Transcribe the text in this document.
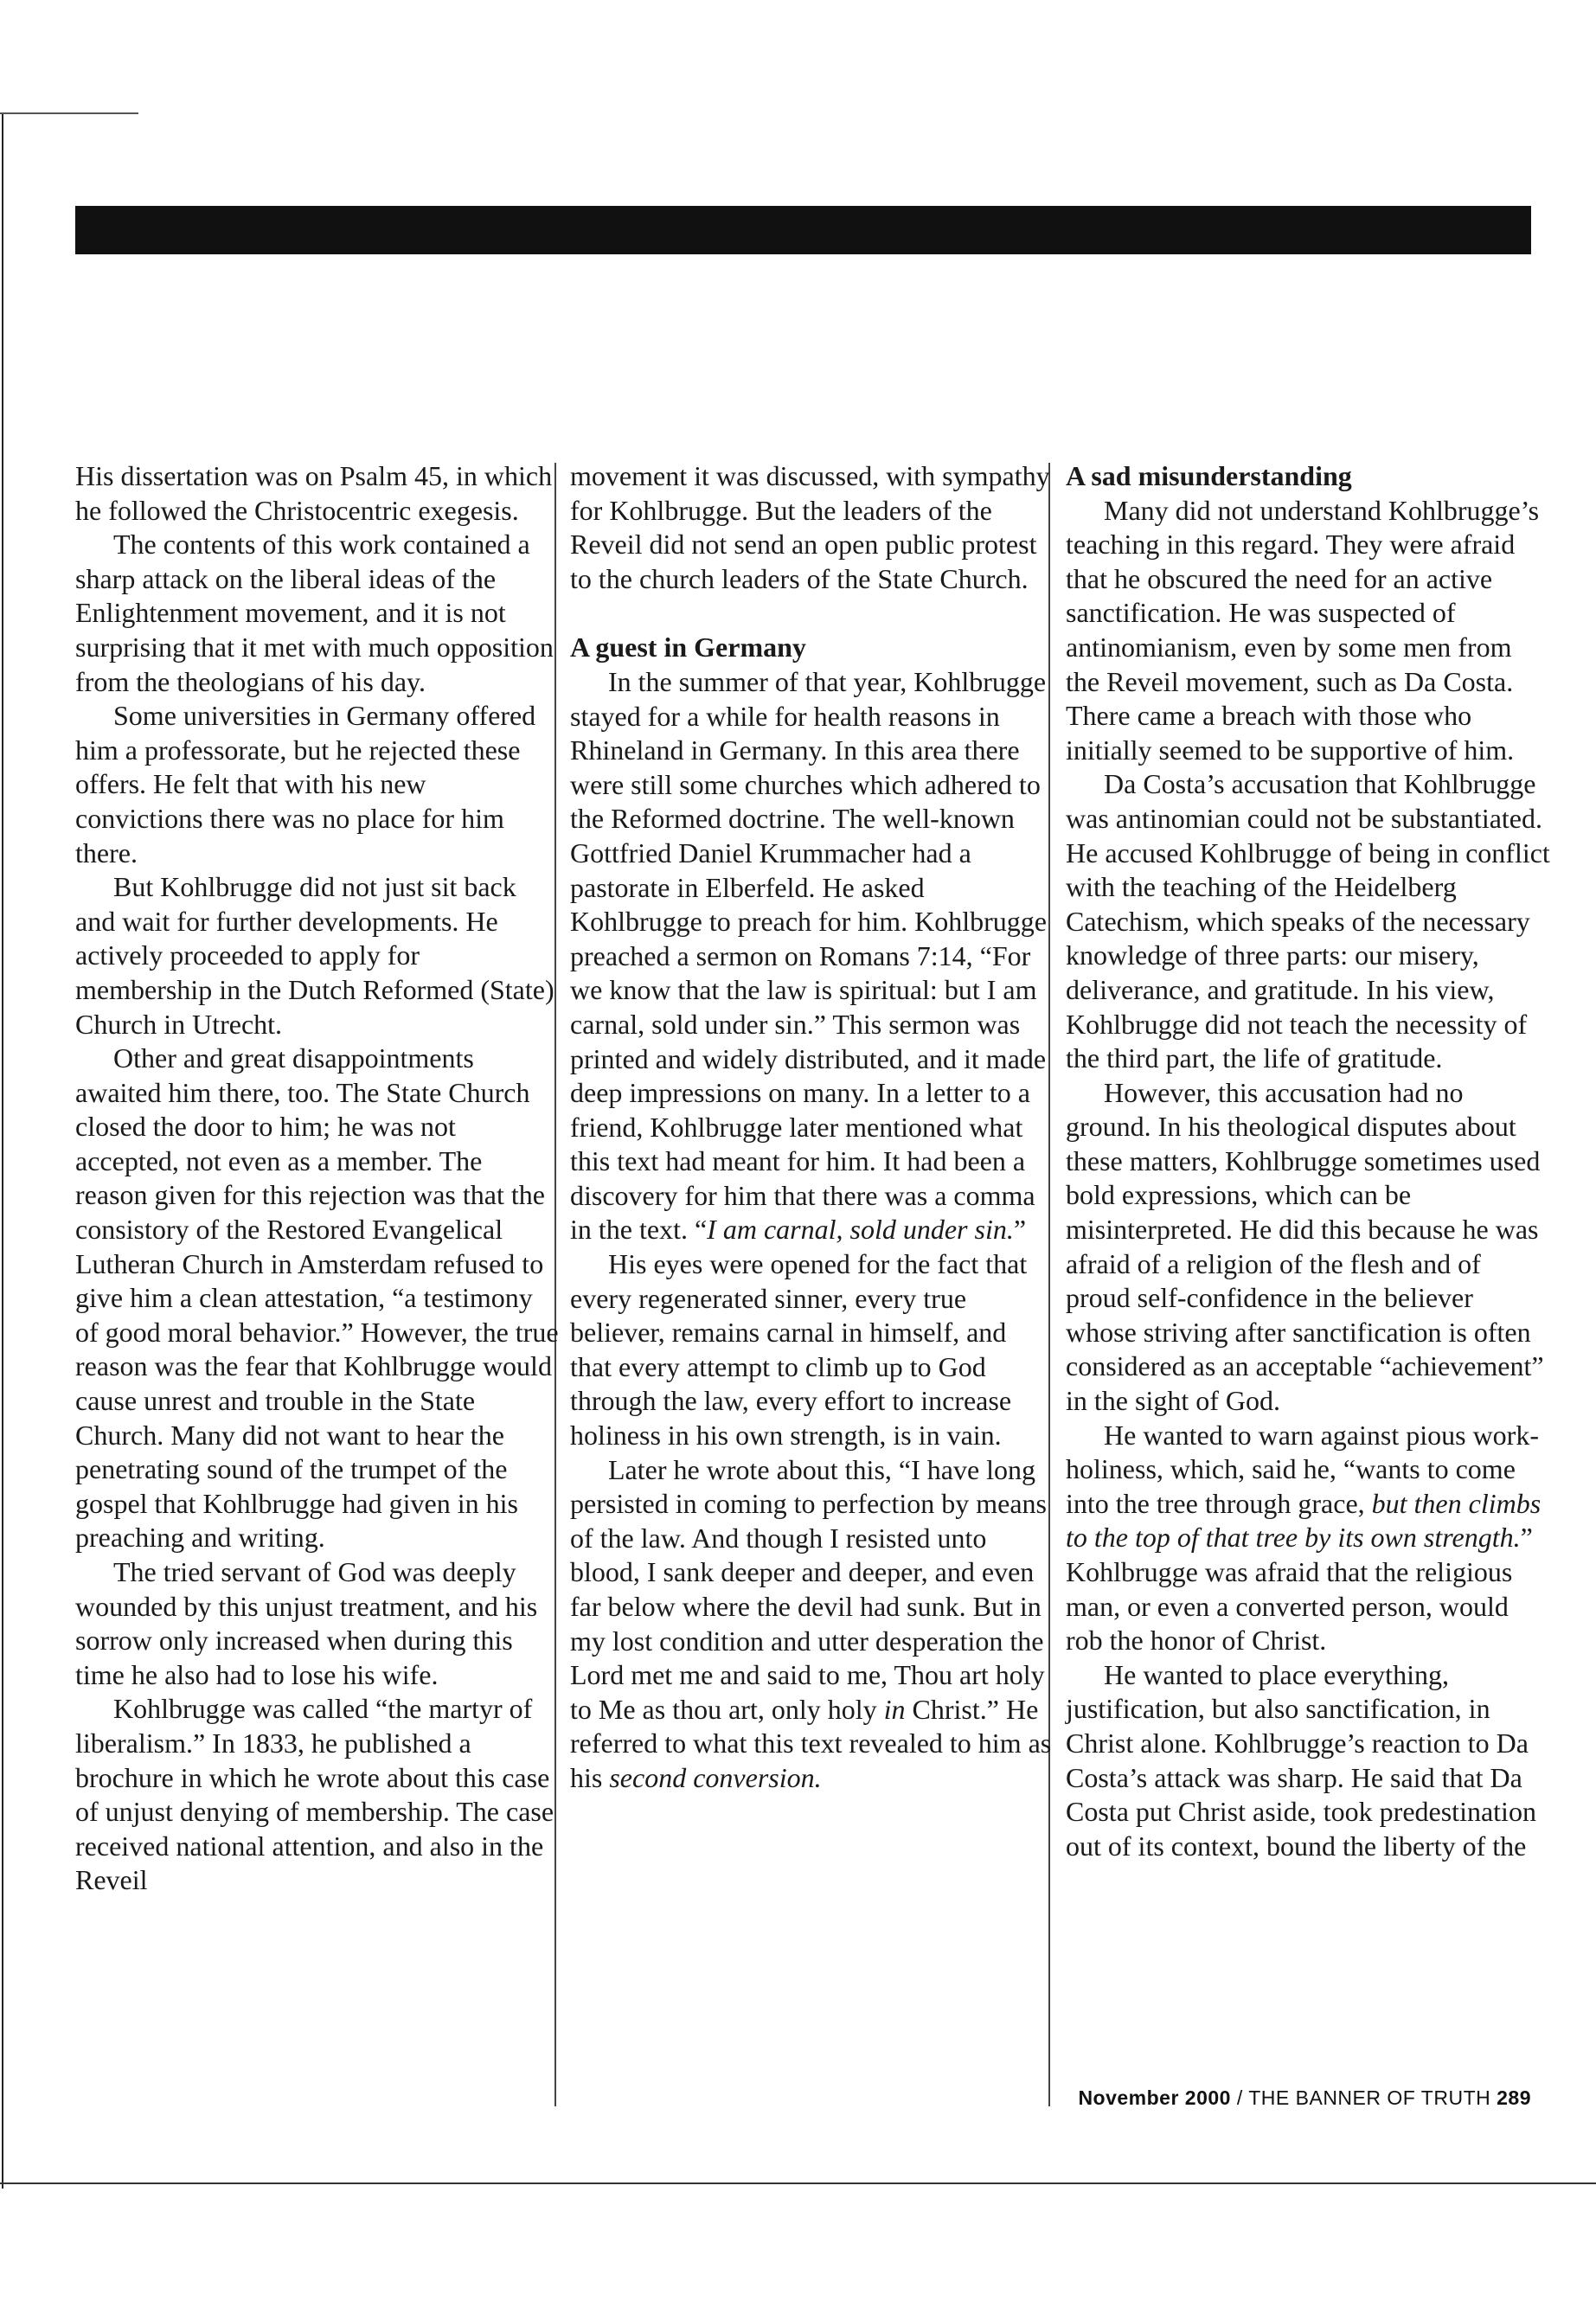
His dissertation was on Psalm 45, in which he followed the Christocentric exegesis.

The contents of this work contained a sharp attack on the liberal ideas of the Enlightenment movement, and it is not surprising that it met with much opposition from the theologians of his day.

Some universities in Germany offered him a professorate, but he rejected these offers. He felt that with his new convictions there was no place for him there.

But Kohlbrugge did not just sit back and wait for further developments. He actively proceeded to apply for membership in the Dutch Reformed (State) Church in Utrecht.

Other and great disappointments awaited him there, too. The State Church closed the door to him; he was not accepted, not even as a member. The reason given for this rejection was that the consistory of the Restored Evangelical Lutheran Church in Amsterdam refused to give him a clean attestation, “a testimony of good moral behavior.” However, the true reason was the fear that Kohlbrugge would cause unrest and trouble in the State Church. Many did not want to hear the penetrating sound of the trumpet of the gospel that Kohlbrugge had given in his preaching and writing.

The tried servant of God was deeply wounded by this unjust treatment, and his sorrow only increased when during this time he also had to lose his wife.

Kohlbrugge was called “the martyr of liberalism.” In 1833, he published a brochure in which he wrote about this case of unjust denying of membership. The case received national attention, and also in the Reveil

movement it was discussed, with sympathy for Kohlbrugge. But the leaders of the Reveil did not send an open public protest to the church leaders of the State Church.

A guest in Germany

In the summer of that year, Kohlbrugge stayed for a while for health reasons in Rhineland in Germany. In this area there were still some churches which adhered to the Reformed doctrine. The well-known Gottfried Daniel Krummacher had a pastorate in Elberfeld. He asked Kohlbrugge to preach for him. Kohlbrugge preached a sermon on Romans 7:14, “For we know that the law is spiritual: but I am carnal, sold under sin.” This sermon was printed and widely distributed, and it made deep impressions on many. In a letter to a friend, Kohlbrugge later mentioned what this text had meant for him. It had been a discovery for him that there was a comma in the text. “I am carnal, sold under sin.”

His eyes were opened for the fact that every regenerated sinner, every true believer, remains carnal in himself, and that every attempt to climb up to God through the law, every effort to increase holiness in his own strength, is in vain.

Later he wrote about this, “I have long persisted in coming to perfection by means of the law. And though I resisted unto blood, I sank deeper and deeper, and even far below where the devil had sunk. But in my lost condition and utter desperation the Lord met me and said to me, Thou art holy to Me as thou art, only holy in Christ.” He referred to what this text revealed to him as his second conversion.

A sad misunderstanding

Many did not understand Kohlbrugge’s teaching in this regard. They were afraid that he obscured the need for an active sanctification. He was suspected of antinomianism, even by some men from the Reveil movement, such as Da Costa. There came a breach with those who initially seemed to be supportive of him.

Da Costa’s accusation that Kohlbrugge was antinomian could not be substantiated. He accused Kohlbrugge of being in conflict with the teaching of the Heidelberg Catechism, which speaks of the necessary knowledge of three parts: our misery, deliverance, and gratitude. In his view, Kohlbrugge did not teach the necessity of the third part, the life of gratitude.

However, this accusation had no ground. In his theological disputes about these matters, Kohlbrugge sometimes used bold expressions, which can be misinterpreted. He did this because he was afraid of a religion of the flesh and of proud self-confidence in the believer whose striving after sanctification is often considered as an acceptable “achievement” in the sight of God.

He wanted to warn against pious work-holiness, which, said he, “wants to come into the tree through grace, but then climbs to the top of that tree by its own strength.” Kohlbrugge was afraid that the religious man, or even a converted person, would rob the honor of Christ.

He wanted to place everything, justification, but also sanctification, in Christ alone. Kohlbrugge’s reaction to Da Costa’s attack was sharp. He said that Da Costa put Christ aside, took predestination out of its context, bound the liberty of the

November 2000 / THE BANNER OF TRUTH 289
